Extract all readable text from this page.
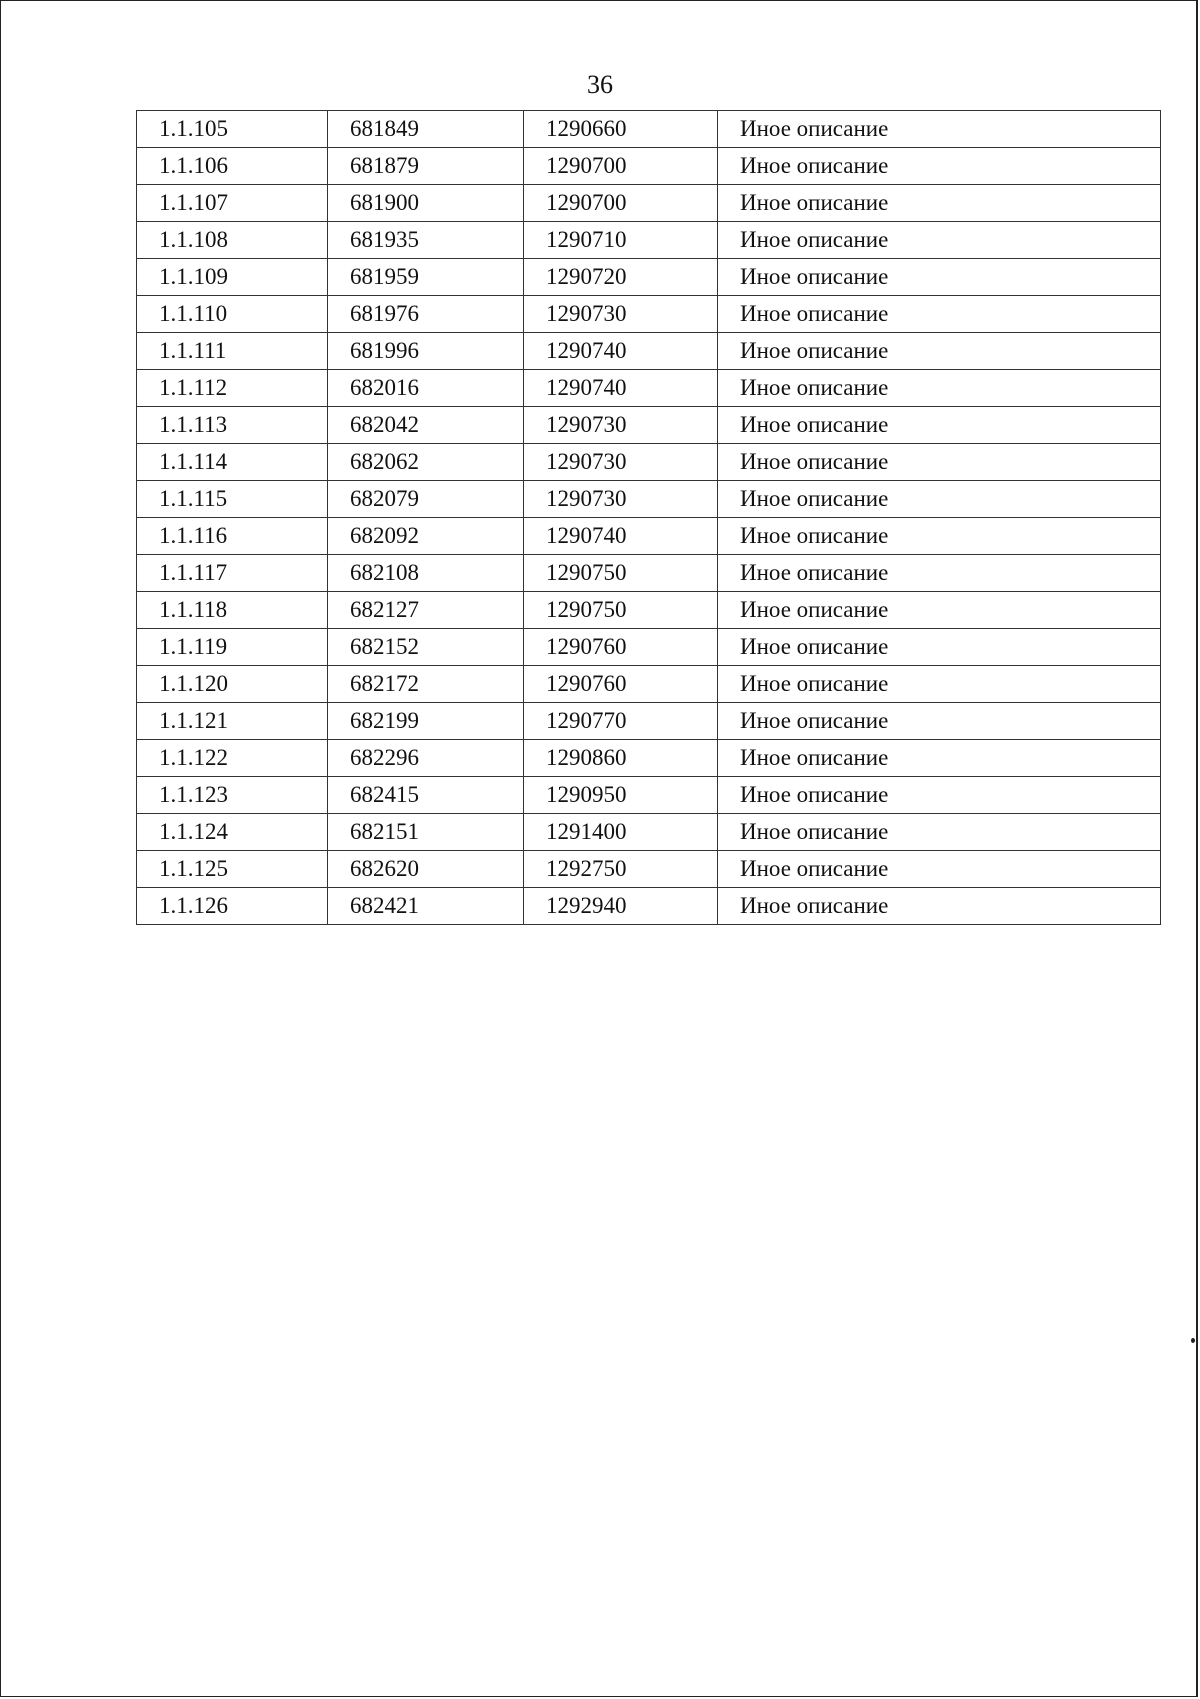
36
1.1.105	681849	1290660	Иное описание
1.1.106	681879	1290700	Иное описание
1.1.107	681900	1290700	Иное описание
1.1.108	681935	1290710	Иное описание
1.1.109	681959	1290720	Иное описание
1.1.110	681976	1290730	Иное описание
1.1.111	681996	1290740	Иное описание
1.1.112	682016	1290740	Иное описание
1.1.113	682042	1290730	Иное описание
1.1.114	682062	1290730	Иное описание
1.1.115	682079	1290730	Иное описание
1.1.116	682092	1290740	Иное описание
1.1.117	682108	1290750	Иное описание
1.1.118	682127	1290750	Иное описание
1.1.119	682152	1290760	Иное описание
1.1.120	682172	1290760	Иное описание
1.1.121	682199	1290770	Иное описание
1.1.122	682296	1290860	Иное описание
1.1.123	682415	1290950	Иное описание
1.1.124	682151	1291400	Иное описание
1.1.125	682620	1292750	Иное описание
1.1.126	682421	1292940	Иное описание
